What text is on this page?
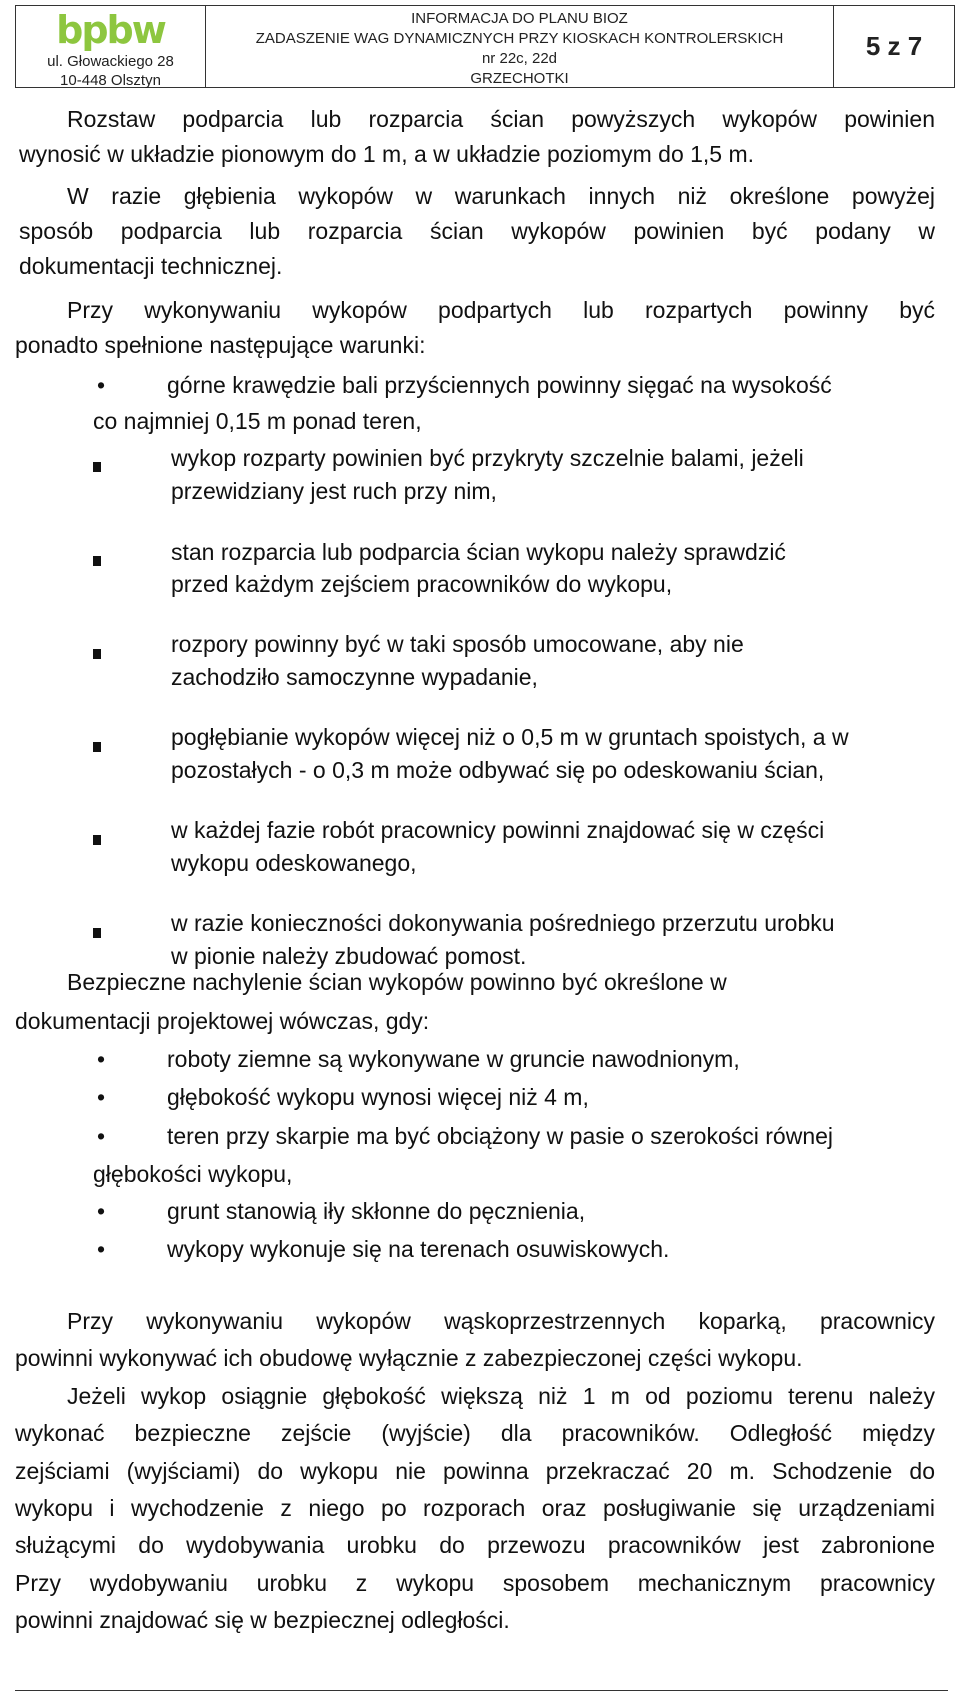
bpbw
ul. Głowackiego 28
10-448 Olsztyn
INFORMACJA DO PLANU BIOZ
ZADASZENIE WAG DYNAMICZNYCH PRZY KIOSKACH KONTROLERSKICH
nr 22c, 22d
GRZECHOTKI
5 z 7
Rozstaw podparcia lub rozparcia ścian powyższych wykopów powinien
wynosić w układzie pionowym do 1 m, a w układzie poziomym do 1,5 m.
W razie głębienia wykopów w warunkach innych niż określone powyżej
sposób podparcia lub rozparcia ścian wykopów powinien być podany w
dokumentacji technicznej.
Przy wykonywaniu wykopów podpartych lub rozpartych powinny być
ponadto spełnione następujące warunki:
•	górne krawędzie bali przyściennych powinny sięgać na wysokość
co najmniej 0,15 m ponad teren,
wykop rozparty powinien być przykryty szczelnie balami, jeżeli
przewidziany jest ruch przy nim,
stan rozparcia lub podparcia ścian wykopu należy sprawdzić
przed każdym zejściem pracowników do wykopu,
rozpory powinny być w taki sposób umocowane, aby nie
zachodziło samoczynne wypadanie,
pogłębianie wykopów więcej niż o 0,5 m w gruntach spoistych, a w
pozostałych - o 0,3 m może odbywać się po odeskowaniu ścian,
w każdej fazie robót pracownicy powinni znajdować się w części
wykopu odeskowanego,
w razie konieczności dokonywania pośredniego przerzutu urobku
w pionie należy zbudować pomost.
Bezpieczne nachylenie ścian wykopów powinno być określone w
dokumentacji projektowej wówczas, gdy:
•	roboty ziemne są wykonywane w gruncie nawodnionym,
•	głębokość wykopu wynosi więcej niż 4 m,
•	teren przy skarpie ma być obciążony w pasie o szerokości równej
głębokości wykopu,
•	grunt stanowią iły skłonne do pęcznienia,
•	wykopy wykonuje się na terenach osuwiskowych.
Przy wykonywaniu wykopów wąskoprzestrzennych koparką, pracownicy
powinni wykonywać ich obudowę wyłącznie z zabezpieczonej części wykopu.
Jeżeli wykop osiągnie głębokość większą niż 1 m od poziomu terenu należy
wykonać bezpieczne zejście (wyjście) dla pracowników. Odległość między
zejściami (wyjściami) do wykopu nie powinna przekraczać 20 m. Schodzenie do
wykopu i wychodzenie z niego po rozporach oraz posługiwanie się urządzeniami
służącymi do wydobywania urobku do przewozu pracowników jest zabronione
Przy wydobywaniu urobku z wykopu sposobem mechanicznym pracownicy
powinni znajdować się w bezpiecznej odległości.
